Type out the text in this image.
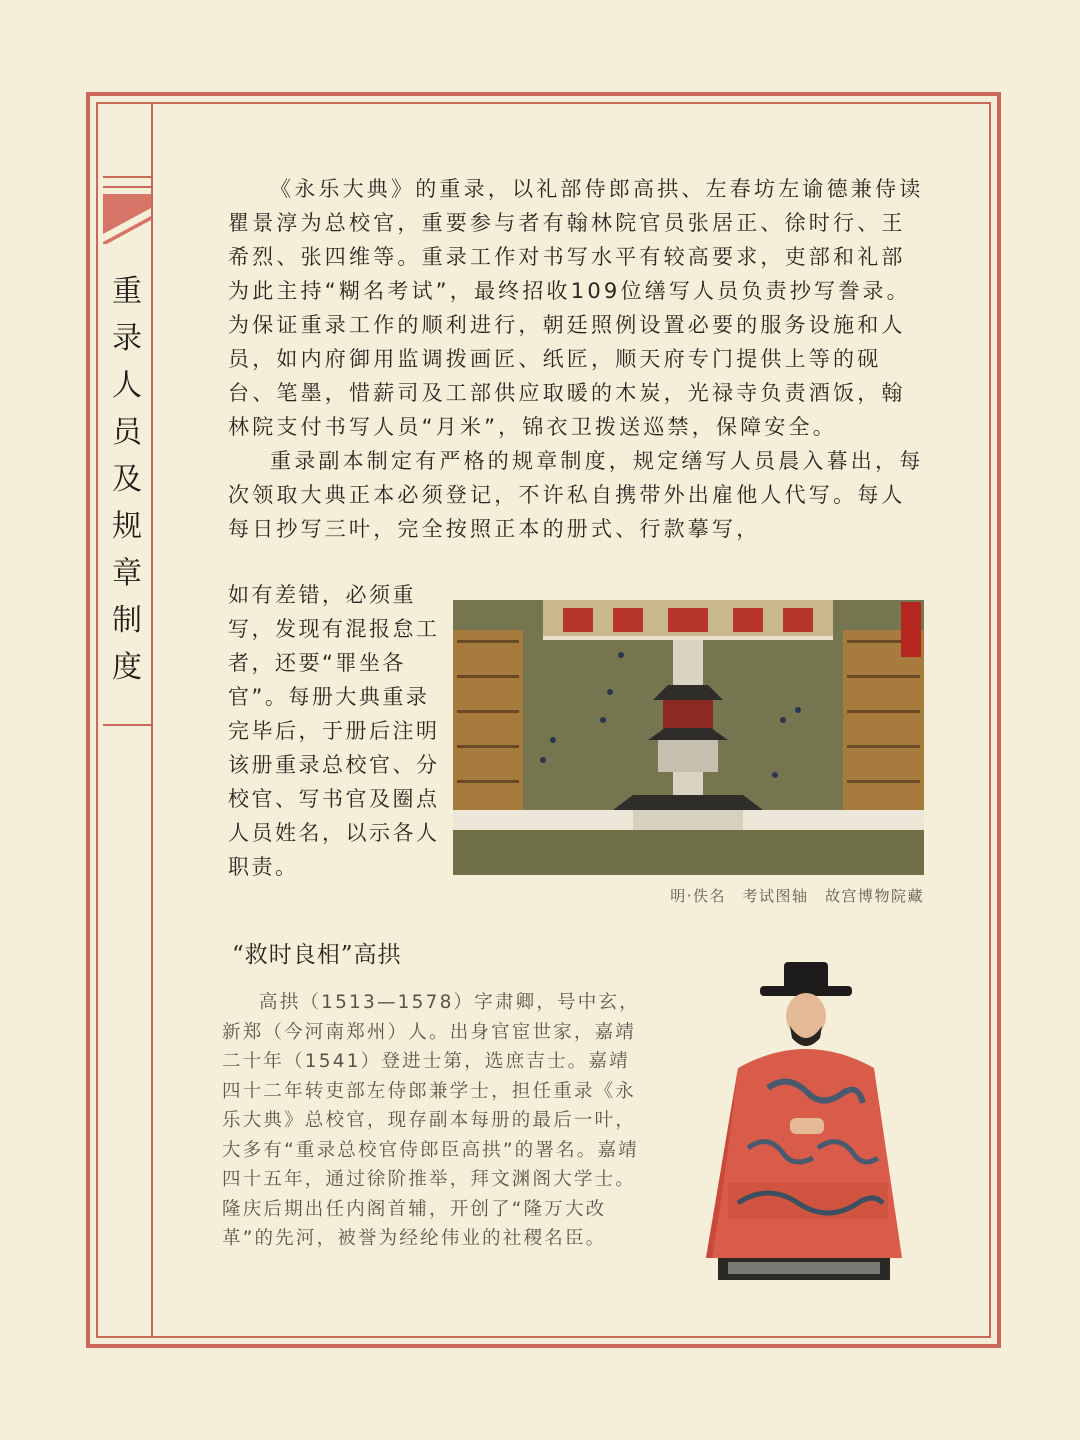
重
录
人
员
及
规
章
制
度

《永乐大典》的重录，以礼部侍郎高拱、左春坊左谕德兼侍读瞿景淳为总校官，重要参与者有翰林院官员张居正、徐时行、王希烈、张四维等。重录工作对书写水平有较高要求，吏部和礼部为此主持“糊名考试”，最终招收109位缮写人员负责抄写誊录。为保证重录工作的顺利进行，朝廷照例设置必要的服务设施和人员，如内府御用监调拨画匠、纸匠，顺天府专门提供上等的砚台、笔墨，惜薪司及工部供应取暖的木炭，光禄寺负责酒饭，翰林院支付书写人员“月米”，锦衣卫拨送巡禁，保障安全。

重录副本制定有严格的规章制度，规定缮写人员晨入暮出，每次领取大典正本必须登记，不许私自携带外出雇他人代写。每人每日抄写三叶，完全按照正本的册式、行款摹写，

如有差错，必须重写，发现有混报怠工者，还要“罪坐各官”。每册大典重录完毕后，于册后注明该册重录总校官、分校官、写书官及圈点人员姓名，以示各人职责。
明·佚名　考试图轴　故宫博物院藏
“救时良相”高拱

高拱（1513—1578）字肃卿，号中玄，新郑（今河南郑州）人。出身官宦世家，嘉靖二十年（1541）登进士第，选庶吉士。嘉靖四十二年转吏部左侍郎兼学士，担任重录《永乐大典》总校官，现存副本每册的最后一叶，大多有“重录总校官侍郎臣高拱”的署名。嘉靖四十五年，通过徐阶推举，拜文渊阁大学士。隆庆后期出任内阁首辅，开创了“隆万大改革”的先河，被誉为经纶伟业的社稷名臣。
